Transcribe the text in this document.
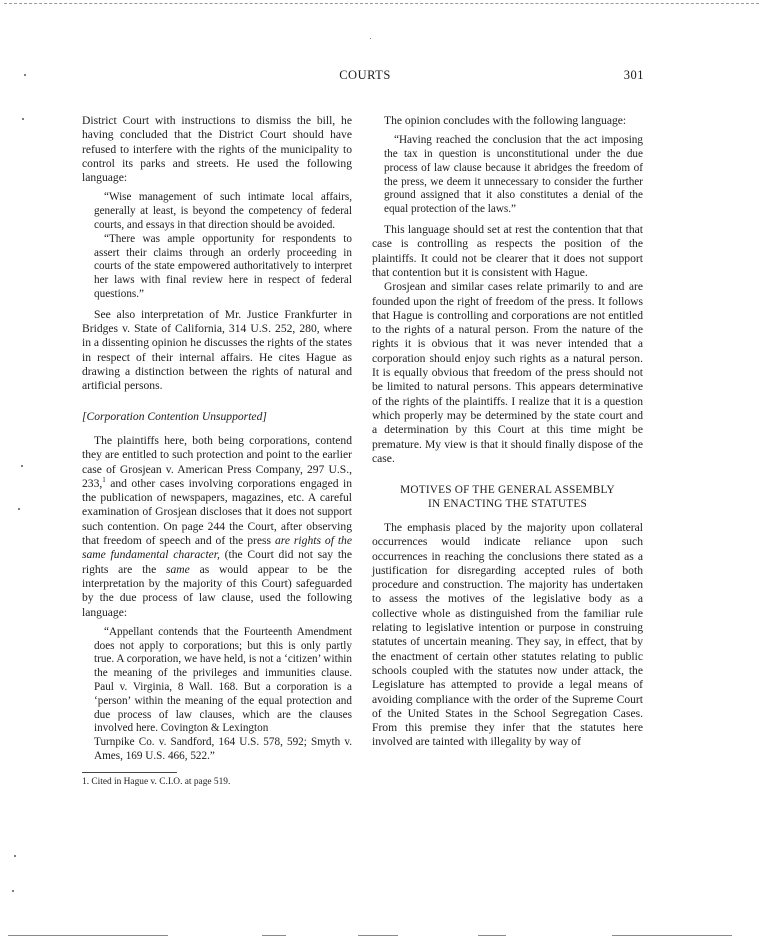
COURTS	301

District Court with instructions to dismiss the bill, he having concluded that the District Court should have refused to interfere with the rights of the municipality to control its parks and streets. He used the following language:

“Wise management of such intimate local affairs, generally at least, is beyond the competency of federal courts, and essays in that direction should be avoided.

“There was ample opportunity for respondents to assert their claims through an orderly proceeding in courts of the state empowered authoritatively to interpret her laws with final review here in respect of federal questions.”

See also interpretation of Mr. Justice Frankfurter in Bridges v. State of California, 314 U.S. 252, 280, where in a dissenting opinion he discusses the rights of the states in respect of their internal affairs. He cites Hague as drawing a distinction between the rights of natural and artificial persons.

[Corporation Contention Unsupported]

The plaintiffs here, both being corporations, contend they are entitled to such protection and point to the earlier case of Grosjean v. American Press Company, 297 U.S., 233,$^1$ and other cases involving corporations engaged in the publication of newspapers, magazines, etc. A careful examination of Grosjean discloses that it does not support such contention. On page 244 the Court, after observing that freedom of speech and of the press are rights of the same fundamental character, (the Court did not say the rights are the same as would appear to be the interpretation by the majority of this Court) safeguarded by the due process of law clause, used the following language:

“Appellant contends that the Fourteenth Amendment does not apply to corporations; but this is only partly true. A corporation, we have held, is not a ‘citizen’ within the meaning of the privileges and immunities clause. Paul v. Virginia, 8 Wall. 168. But a corporation is a ‘person’ within the meaning of the equal protection and due process of law clauses, which are the clauses involved here. Covington & Lexington

Turnpike Co. v. Sandford, 164 U.S. 578, 592; Smyth v. Ames, 169 U.S. 466, 522.”

1. Cited in Hague v. C.I.O. at page 519.

The opinion concludes with the following language:

“Having reached the conclusion that the act imposing the tax in question is unconstitutional under the due process of law clause because it abridges the freedom of the press, we deem it unnecessary to consider the further ground assigned that it also constitutes a denial of the equal protection of the laws.”

This language should set at rest the contention that that case is controlling as respects the position of the plaintiffs. It could not be clearer that it does not support that contention but it is consistent with Hague.

Grosjean and similar cases relate primarily to and are founded upon the right of freedom of the press. It follows that Hague is controlling and corporations are not entitled to the rights of a natural person. From the nature of the rights it is obvious that it was never intended that a corporation should enjoy such rights as a natural person. It is equally obvious that freedom of the press should not be limited to natural persons. This appears determinative of the rights of the plaintiffs. I realize that it is a question which properly may be determined by the state court and a determination by this Court at this time might be premature. My view is that it should finally dispose of the case.

MOTIVES OF THE GENERAL ASSEMBLY
IN ENACTING THE STATUTES

The emphasis placed by the majority upon collateral occurrences would indicate reliance upon such occurrences in reaching the conclusions there stated as a justification for disregarding accepted rules of both procedure and construction. The majority has undertaken to assess the motives of the legislative body as a collective whole as distinguished from the familiar rule relating to legislative intention or purpose in construing statutes of uncertain meaning. They say, in effect, that by the enactment of certain other statutes relating to public schools coupled with the statutes now under attack, the Legislature has attempted to provide a legal means of avoiding compliance with the order of the Supreme Court of the United States in the School Segregation Cases. From this premise they infer that the statutes here involved are tainted with illegality by way of
